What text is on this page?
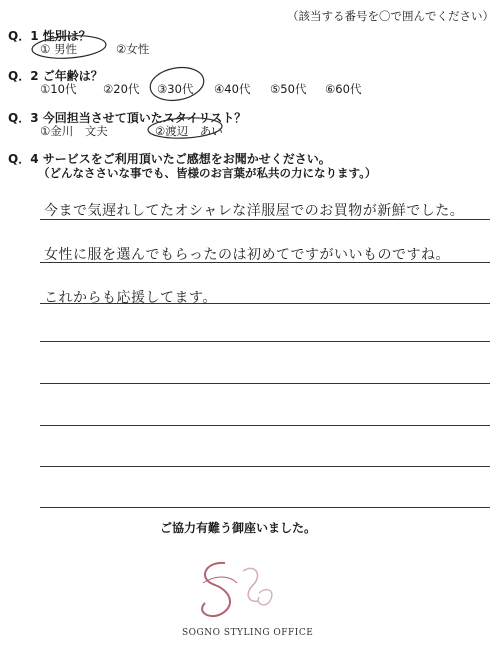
（該当する番号を〇で囲んでください）
Q．1 性別は？
① 男性	②女性
Q．2 ご年齢は？
①10代 ②20代 ③30代 ④40代 ⑤50代 ⑥60代
Q．3 今回担当させて頂いたスタイリスト？
①金川　文夫	②渡辺　あい
Q．4 サービスをご利用頂いたご感想をお聞かせください。
（どんなささいな事でも、皆様のお言葉が私共の力になります。）
今まで気遅れしてたオシャレな洋服屋でのお買物が新鮮でした。
女性に服を選んでもらったのは初めてですがいいものですね。
これからも応援してます。
ご協力有難う御座いました。
SOGNO STYLING OFFICE
